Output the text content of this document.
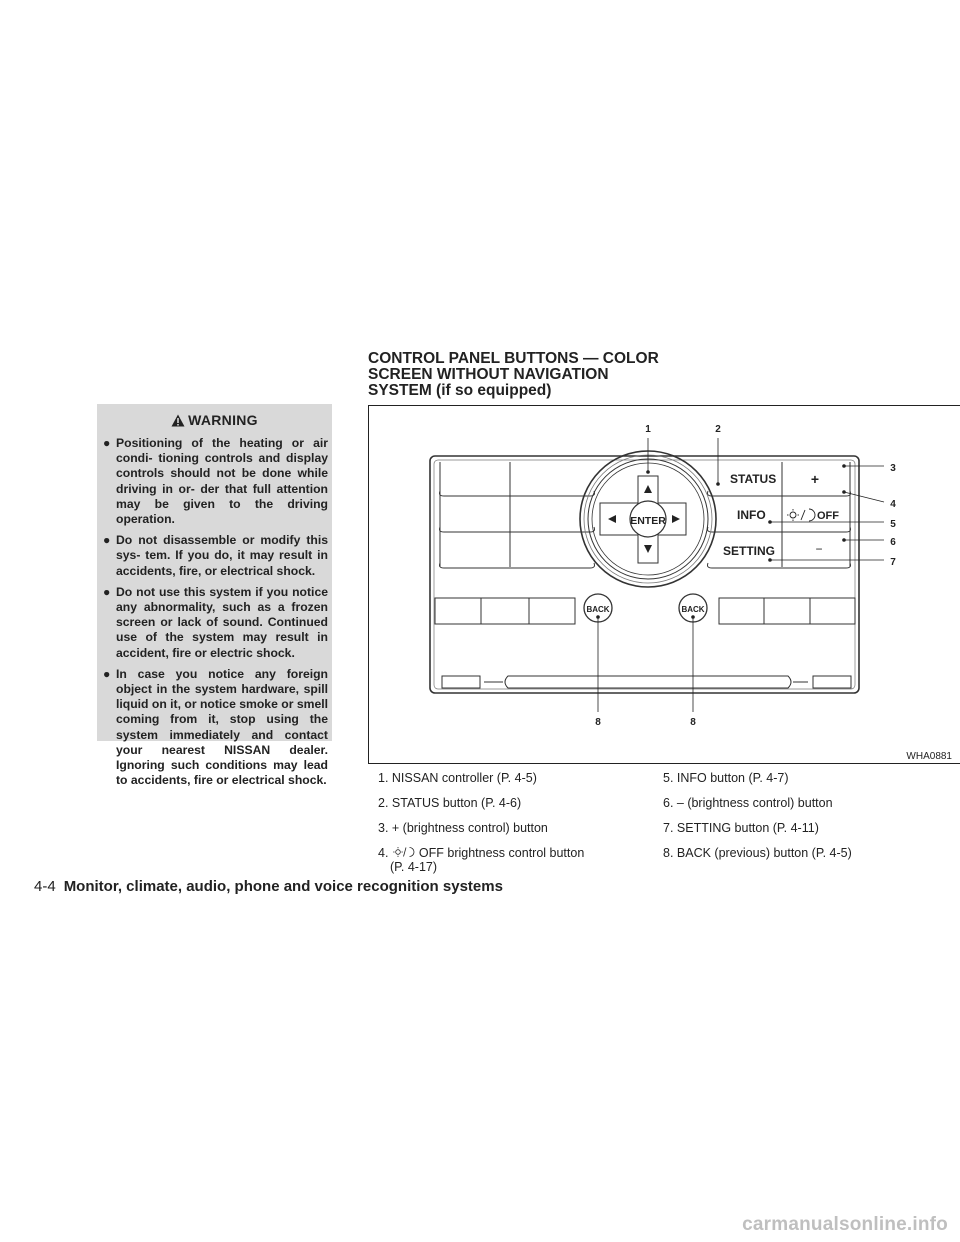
WARNING
● Positioning of the heating or air condi- tioning controls and display controls should not be done while driving in or- der that full attention may be given to the driving operation.
● Do not disassemble or modify this sys- tem. If you do, it may result in accidents, fire, or electrical shock.
● Do not use this system if you notice any abnormality, such as a frozen screen or lack of sound. Continued use of the system may result in accident, fire or electric shock.
● In case you notice any foreign object in the system hardware, spill liquid on it, or notice smoke or smell coming from it, stop using the system immediately and contact your nearest NISSAN dealer. Ignoring such conditions may lead to accidents, fire or electrical shock.
CONTROL PANEL BUTTONS — COLOR
SCREEN WITHOUT NAVIGATION
SYSTEM (if so equipped)
ENTER
STATUS +
INFO	OFF
SETTING	−
BACK	BACK
1	2
3
4
5
6
7
8	8
WHA0881
1. NISSAN controller (P. 4-5)
2. STATUS button (P. 4-6)
3. + (brightness control) button
4. OFF brightness control button
(P. 4-17)
5. INFO button (P. 4-7)
6. – (brightness control) button
7. SETTING button (P. 4-11)
8. BACK (previous) button (P. 4-5)
4-4 Monitor, climate, audio, phone and voice recognition systems
carmanualsonline.info
